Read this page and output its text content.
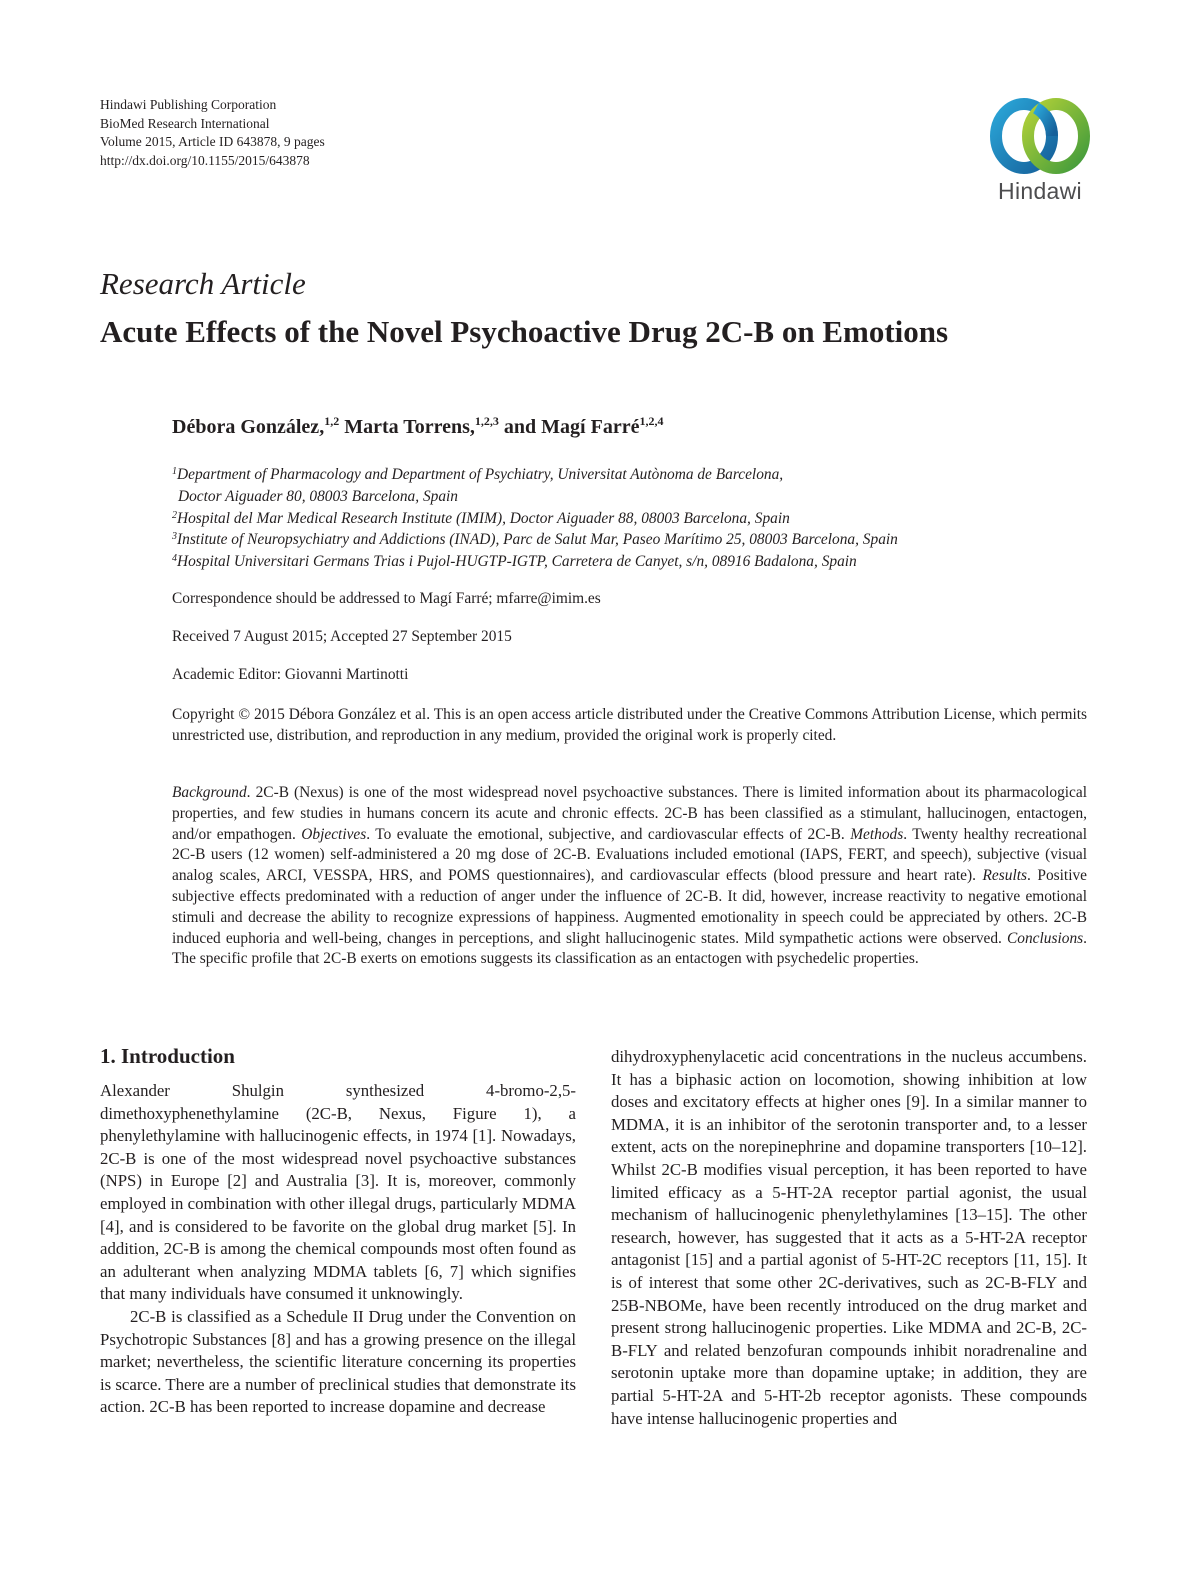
Hindawi Publishing Corporation
BioMed Research International
Volume 2015, Article ID 643878, 9 pages
http://dx.doi.org/10.1155/2015/643878
Hindawi
Research Article
Acute Effects of the Novel Psychoactive Drug 2C-B on Emotions
Débora González,$^{1,2}$ Marta Torrens,$^{1,2,3}$ and Magí Farré$^{1,2,4}$
$^1$Department of Pharmacology and Department of Psychiatry, Universitat Autònoma de Barcelona,
Doctor Aiguader 80, 08003 Barcelona, Spain
$^2$Hospital del Mar Medical Research Institute (IMIM), Doctor Aiguader 88, 08003 Barcelona, Spain
$^3$Institute of Neuropsychiatry and Addictions (INAD), Parc de Salut Mar, Paseo Marítimo 25, 08003 Barcelona, Spain
$^4$Hospital Universitari Germans Trias i Pujol-HUGTP-IGTP, Carretera de Canyet, s/n, 08916 Badalona, Spain
Correspondence should be addressed to Magí Farré; mfarre@imim.es
Received 7 August 2015; Accepted 27 September 2015
Academic Editor: Giovanni Martinotti
Copyright © 2015 Débora González et al. This is an open access article distributed under the Creative Commons Attribution License, which permits unrestricted use, distribution, and reproduction in any medium, provided the original work is properly cited.
Background. 2C-B (Nexus) is one of the most widespread novel psychoactive substances. There is limited information about its pharmacological properties, and few studies in humans concern its acute and chronic effects. 2C-B has been classified as a stimulant, hallucinogen, entactogen, and/or empathogen. Objectives. To evaluate the emotional, subjective, and cardiovascular effects of 2C-B. Methods. Twenty healthy recreational 2C-B users (12 women) self-administered a 20 mg dose of 2C-B. Evaluations included emotional (IAPS, FERT, and speech), subjective (visual analog scales, ARCI, VESSPA, HRS, and POMS questionnaires), and cardiovascular effects (blood pressure and heart rate). Results. Positive subjective effects predominated with a reduction of anger under the influence of 2C-B. It did, however, increase reactivity to negative emotional stimuli and decrease the ability to recognize expressions of happiness. Augmented emotionality in speech could be appreciated by others. 2C-B induced euphoria and well-being, changes in perceptions, and slight hallucinogenic states. Mild sympathetic actions were observed. Conclusions. The specific profile that 2C-B exerts on emotions suggests its classification as an entactogen with psychedelic properties.
1. Introduction

Alexander Shulgin synthesized 4-bromo-2,5-dimethoxyphenethylamine (2C-B, Nexus, Figure 1), a phenylethylamine with hallucinogenic effects, in 1974 [1]. Nowadays, 2C-B is one of the most widespread novel psychoactive substances (NPS) in Europe [2] and Australia [3]. It is, moreover, commonly employed in combination with other illegal drugs, particularly MDMA [4], and is considered to be favorite on the global drug market [5]. In addition, 2C-B is among the chemical compounds most often found as an adulterant when analyzing MDMA tablets [6, 7] which signifies that many individuals have consumed it unknowingly.

2C-B is classified as a Schedule II Drug under the Convention on Psychotropic Substances [8] and has a growing presence on the illegal market; nevertheless, the scientific literature concerning its properties is scarce. There are a number of preclinical studies that demonstrate its action. 2C-B has been reported to increase dopamine and decrease

dihydroxyphenylacetic acid concentrations in the nucleus accumbens. It has a biphasic action on locomotion, showing inhibition at low doses and excitatory effects at higher ones [9]. In a similar manner to MDMA, it is an inhibitor of the serotonin transporter and, to a lesser extent, acts on the norepinephrine and dopamine transporters [10–12]. Whilst 2C-B modifies visual perception, it has been reported to have limited efficacy as a 5-HT-2A receptor partial agonist, the usual mechanism of hallucinogenic phenylethylamines [13–15]. The other research, however, has suggested that it acts as a 5-HT-2A receptor antagonist [15] and a partial agonist of 5-HT-2C receptors [11, 15]. It is of interest that some other 2C-derivatives, such as 2C-B-FLY and 25B-NBOMe, have been recently introduced on the drug market and present strong hallucinogenic properties. Like MDMA and 2C-B, 2C-B-FLY and related benzofuran compounds inhibit noradrenaline and serotonin uptake more than dopamine uptake; in addition, they are partial 5-HT-2A and 5-HT-2b receptor agonists. These compounds have intense hallucinogenic properties and
